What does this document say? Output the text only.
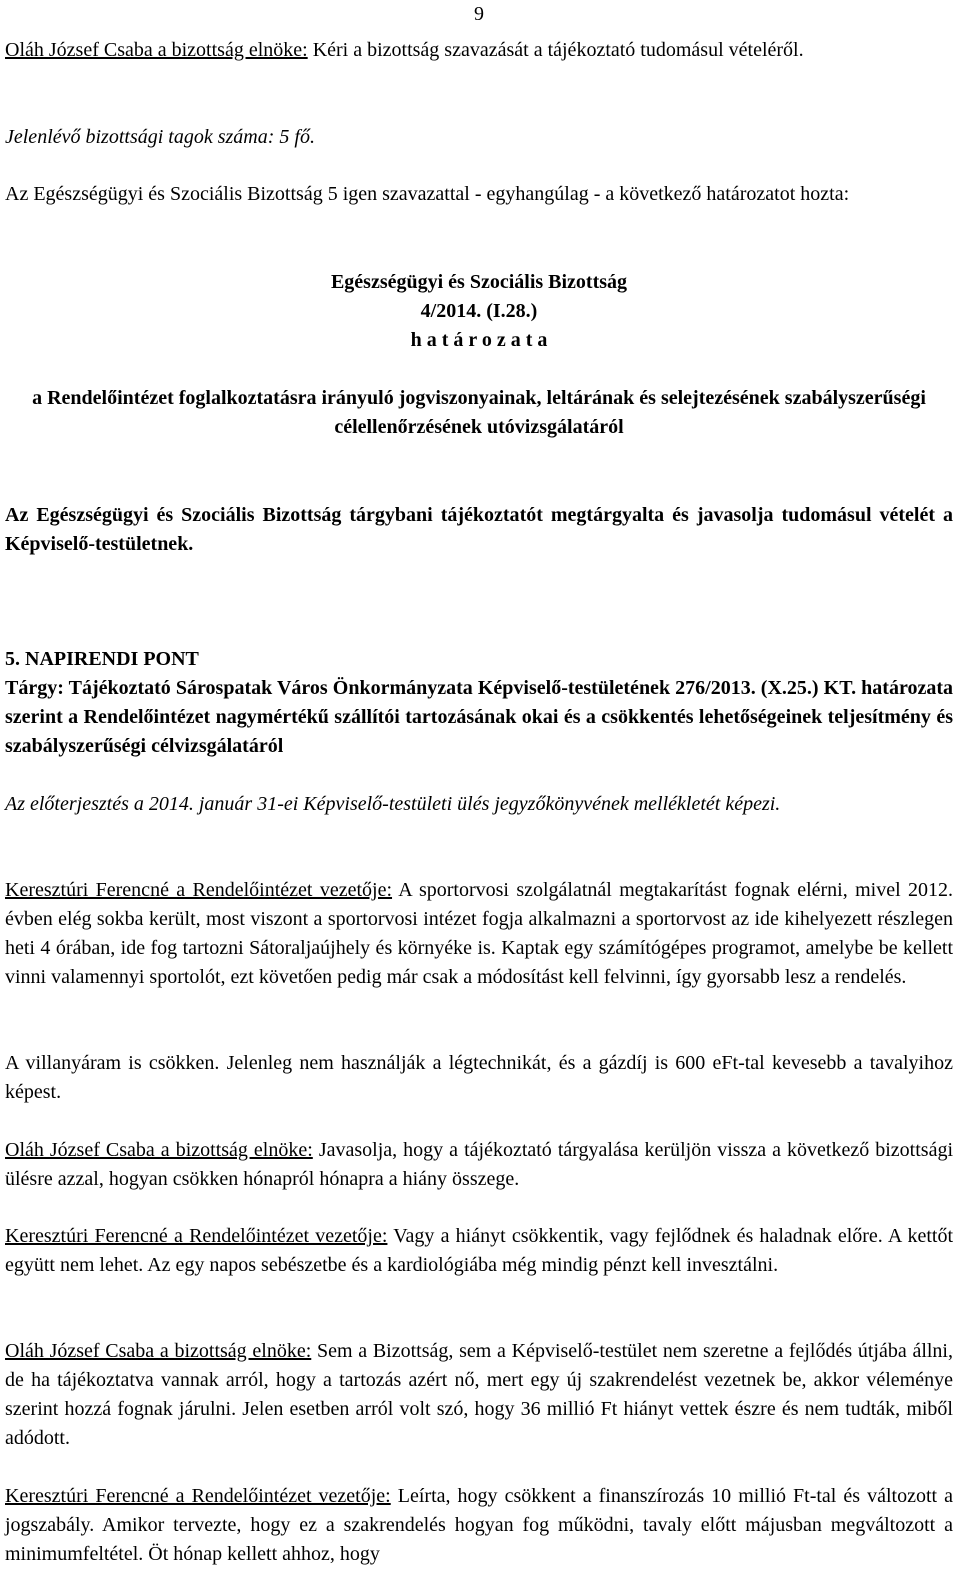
9

Oláh József Csaba a bizottság elnöke: Kéri a bizottság szavazását a tájékoztató tudomásul vételéről.

Jelenlévő bizottsági tagok száma: 5 fő.

Az Egészségügyi és Szociális Bizottság 5 igen szavazattal - egyhangúlag - a következő határozatot hozta:

Egészségügyi és Szociális Bizottság

4/2014. (I.28.)

h a t á r o z a t a

a Rendelőintézet foglalkoztatásra irányuló jogviszonyainak, leltárának és selejtezésének szabályszerűségi célellenőrzésének utóvizsgálatáról

Az Egészségügyi és Szociális Bizottság tárgybani tájékoztatót megtárgyalta és javasolja tudomásul vételét a Képviselő-testületnek.

5. NAPIRENDI PONT

Tárgy: Tájékoztató Sárospatak Város Önkormányzata Képviselő-testületének 276/2013. (X.25.) KT. határozata szerint a Rendelőintézet nagymértékű szállítói tartozásának okai és a csökkentés lehetőségeinek teljesítmény és szabályszerűségi célvizsgálatáról

Az előterjesztés a 2014. január 31-ei Képviselő-testületi ülés jegyzőkönyvének mellékletét képezi.

Keresztúri Ferencné a Rendelőintézet vezetője: A sportorvosi szolgálatnál megtakarítást fognak elérni, mivel 2012. évben elég sokba került, most viszont a sportorvosi intézet fogja alkalmazni a sportorvost az ide kihelyezett részlegen heti 4 órában, ide fog tartozni Sátoraljaújhely és környéke is. Kaptak egy számítógépes programot, amelybe be kellett vinni valamennyi sportolót, ezt követően pedig már csak a módosítást kell felvinni, így gyorsabb lesz a rendelés.

A villanyáram is csökken. Jelenleg nem használják a légtechnikát, és a gázdíj is 600 eFt-tal kevesebb a tavalyihoz képest.

Oláh József Csaba a bizottság elnöke: Javasolja, hogy a tájékoztató tárgyalása kerüljön vissza a következő bizottsági ülésre azzal, hogyan csökken hónapról hónapra a hiány összege.

Keresztúri Ferencné a Rendelőintézet vezetője: Vagy a hiányt csökkentik, vagy fejlődnek és haladnak előre. A kettőt együtt nem lehet. Az egy napos sebészetbe és a kardiológiába még mindig pénzt kell invesztálni.

Oláh József Csaba a bizottság elnöke: Sem a Bizottság, sem a Képviselő-testület nem szeretne a fejlődés útjába állni, de ha tájékoztatva vannak arról, hogy a tartozás azért nő, mert egy új szakrendelést vezetnek be, akkor véleménye szerint hozzá fognak járulni. Jelen esetben arról volt szó, hogy 36 millió Ft hiányt vettek észre és nem tudták, miből adódott.

Keresztúri Ferencné a Rendelőintézet vezetője: Leírta, hogy csökkent a finanszírozás 10 millió Ft-tal és változott a jogszabály. Amikor tervezte, hogy ez a szakrendelés hogyan fog működni, tavaly előtt májusban megváltozott a minimumfeltétel. Öt hónap kellett ahhoz, hogy
